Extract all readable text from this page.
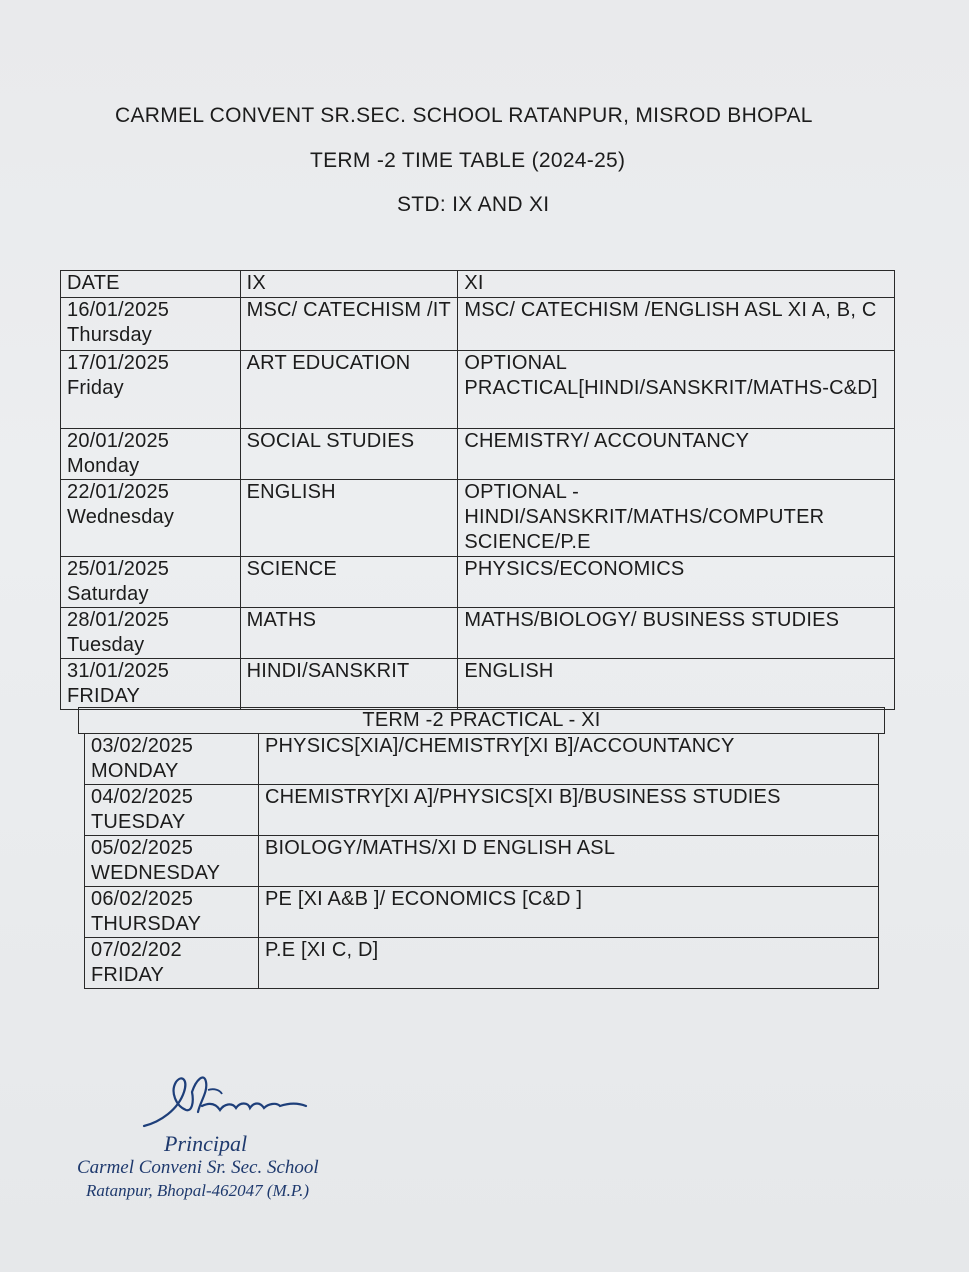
CARMEL CONVENT SR.SEC. SCHOOL RATANPUR, MISROD BHOPAL
TERM -2 TIME TABLE (2024-25)
STD: IX AND XI
DATE	IX	XI

16/01/2025
Thursday	MSC/ CATECHISM /IT	MSC/ CATECHISM /ENGLISH ASL XI A, B, C

17/01/2025
Friday	ART EDUCATION	OPTIONAL PRACTICAL[HINDI/SANSKRIT/MATHS-C&D]

20/01/2025
Monday	SOCIAL STUDIES	CHEMISTRY/ ACCOUNTANCY

22/01/2025
Wednesday	ENGLISH	OPTIONAL - HINDI/SANSKRIT/MATHS/COMPUTER SCIENCE/P.E

25/01/2025
Saturday	SCIENCE	PHYSICS/ECONOMICS

28/01/2025
Tuesday	MATHS	MATHS/BIOLOGY/ BUSINESS STUDIES

31/01/2025
FRIDAY	HINDI/SANSKRIT	ENGLISH
TERM -2 PRACTICAL - XI
03/02/2025
MONDAY	PHYSICS[XIA]/CHEMISTRY[XI B]/ACCOUNTANCY

04/02/2025
TUESDAY	CHEMISTRY[XI A]/PHYSICS[XI B]/BUSINESS STUDIES

05/02/2025
WEDNESDAY	BIOLOGY/MATHS/XI D ENGLISH ASL

06/02/2025
THURSDAY	PE [XI A&B ]/ ECONOMICS [C&D ]

07/02/202
FRIDAY	P.E [XI C, D]
Principal
Carmel Conveni Sr. Sec. School
Ratanpur, Bhopal-462047 (M.P.)
